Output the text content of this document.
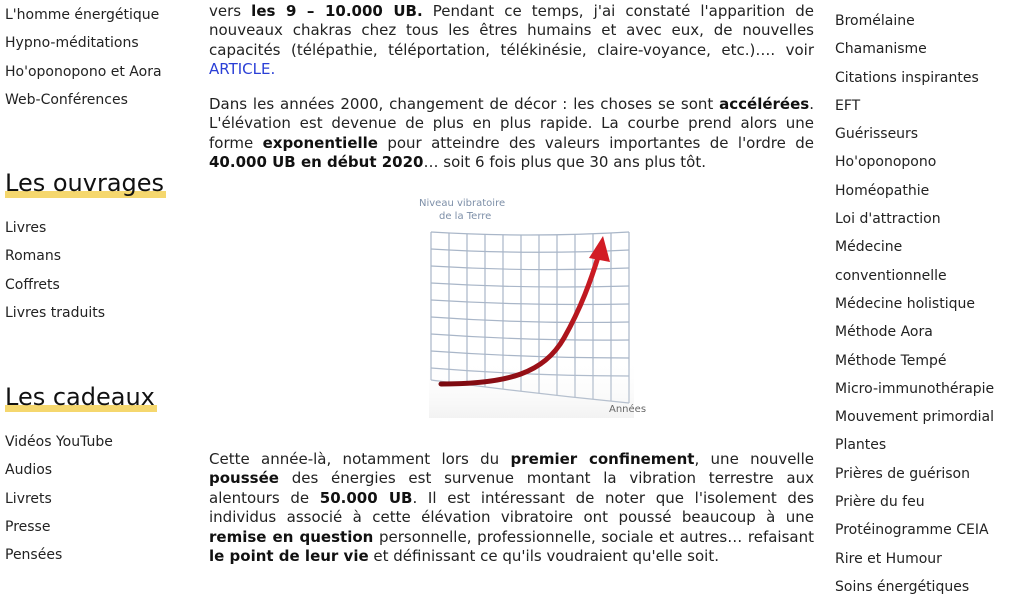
L'homme énergétique
Hypno-méditations
Ho'oponopono et Aora
Web-Conférences
Les ouvrages
Livres
Romans
Coffrets
Livres traduits
Les cadeaux
Vidéos YouTube
Audios
Livrets
Presse
Pensées

vers les 9 – 10.000 UB. Pendant ce temps, j'ai constaté l'apparition de nouveaux chakras chez tous les êtres humains et avec eux, de nouvelles capacités (télépathie, téléportation, télékinésie, claire-voyance, etc.)…. voir ARTICLE.

Dans les années 2000, changement de décor : les choses se sont accélérées. L'élévation est devenue de plus en plus rapide. La courbe prend alors une forme exponentielle pour atteindre des valeurs importantes de l'ordre de 40.000 UB en début 2020… soit 6 fois plus que 30 ans plus tôt.

Niveau vibratoire
de la Terre
Années

Cette année-là, notamment lors du premier confinement, une nouvelle poussée des énergies est survenue montant la vibration terrestre aux alentours de 50.000 UB. Il est intéressant de noter que l'isolement des individus associé à cette élévation vibratoire ont poussé beaucoup à une remise en question personnelle, professionnelle, sociale et autres… refaisant le point de leur vie et définissant ce qu'ils voudraient qu'elle soit.

Bromélaine
Chamanisme
Citations inspirantes
EFT
Guérisseurs
Ho'oponopono
Homéopathie
Loi d'attraction
Médecine
conventionnelle
Médecine holistique
Méthode Aora
Méthode Tempé
Micro-immunothérapie
Mouvement primordial
Plantes
Prières de guérison
Prière du feu
Protéinogramme CEIA
Rire et Humour
Soins énergétiques
